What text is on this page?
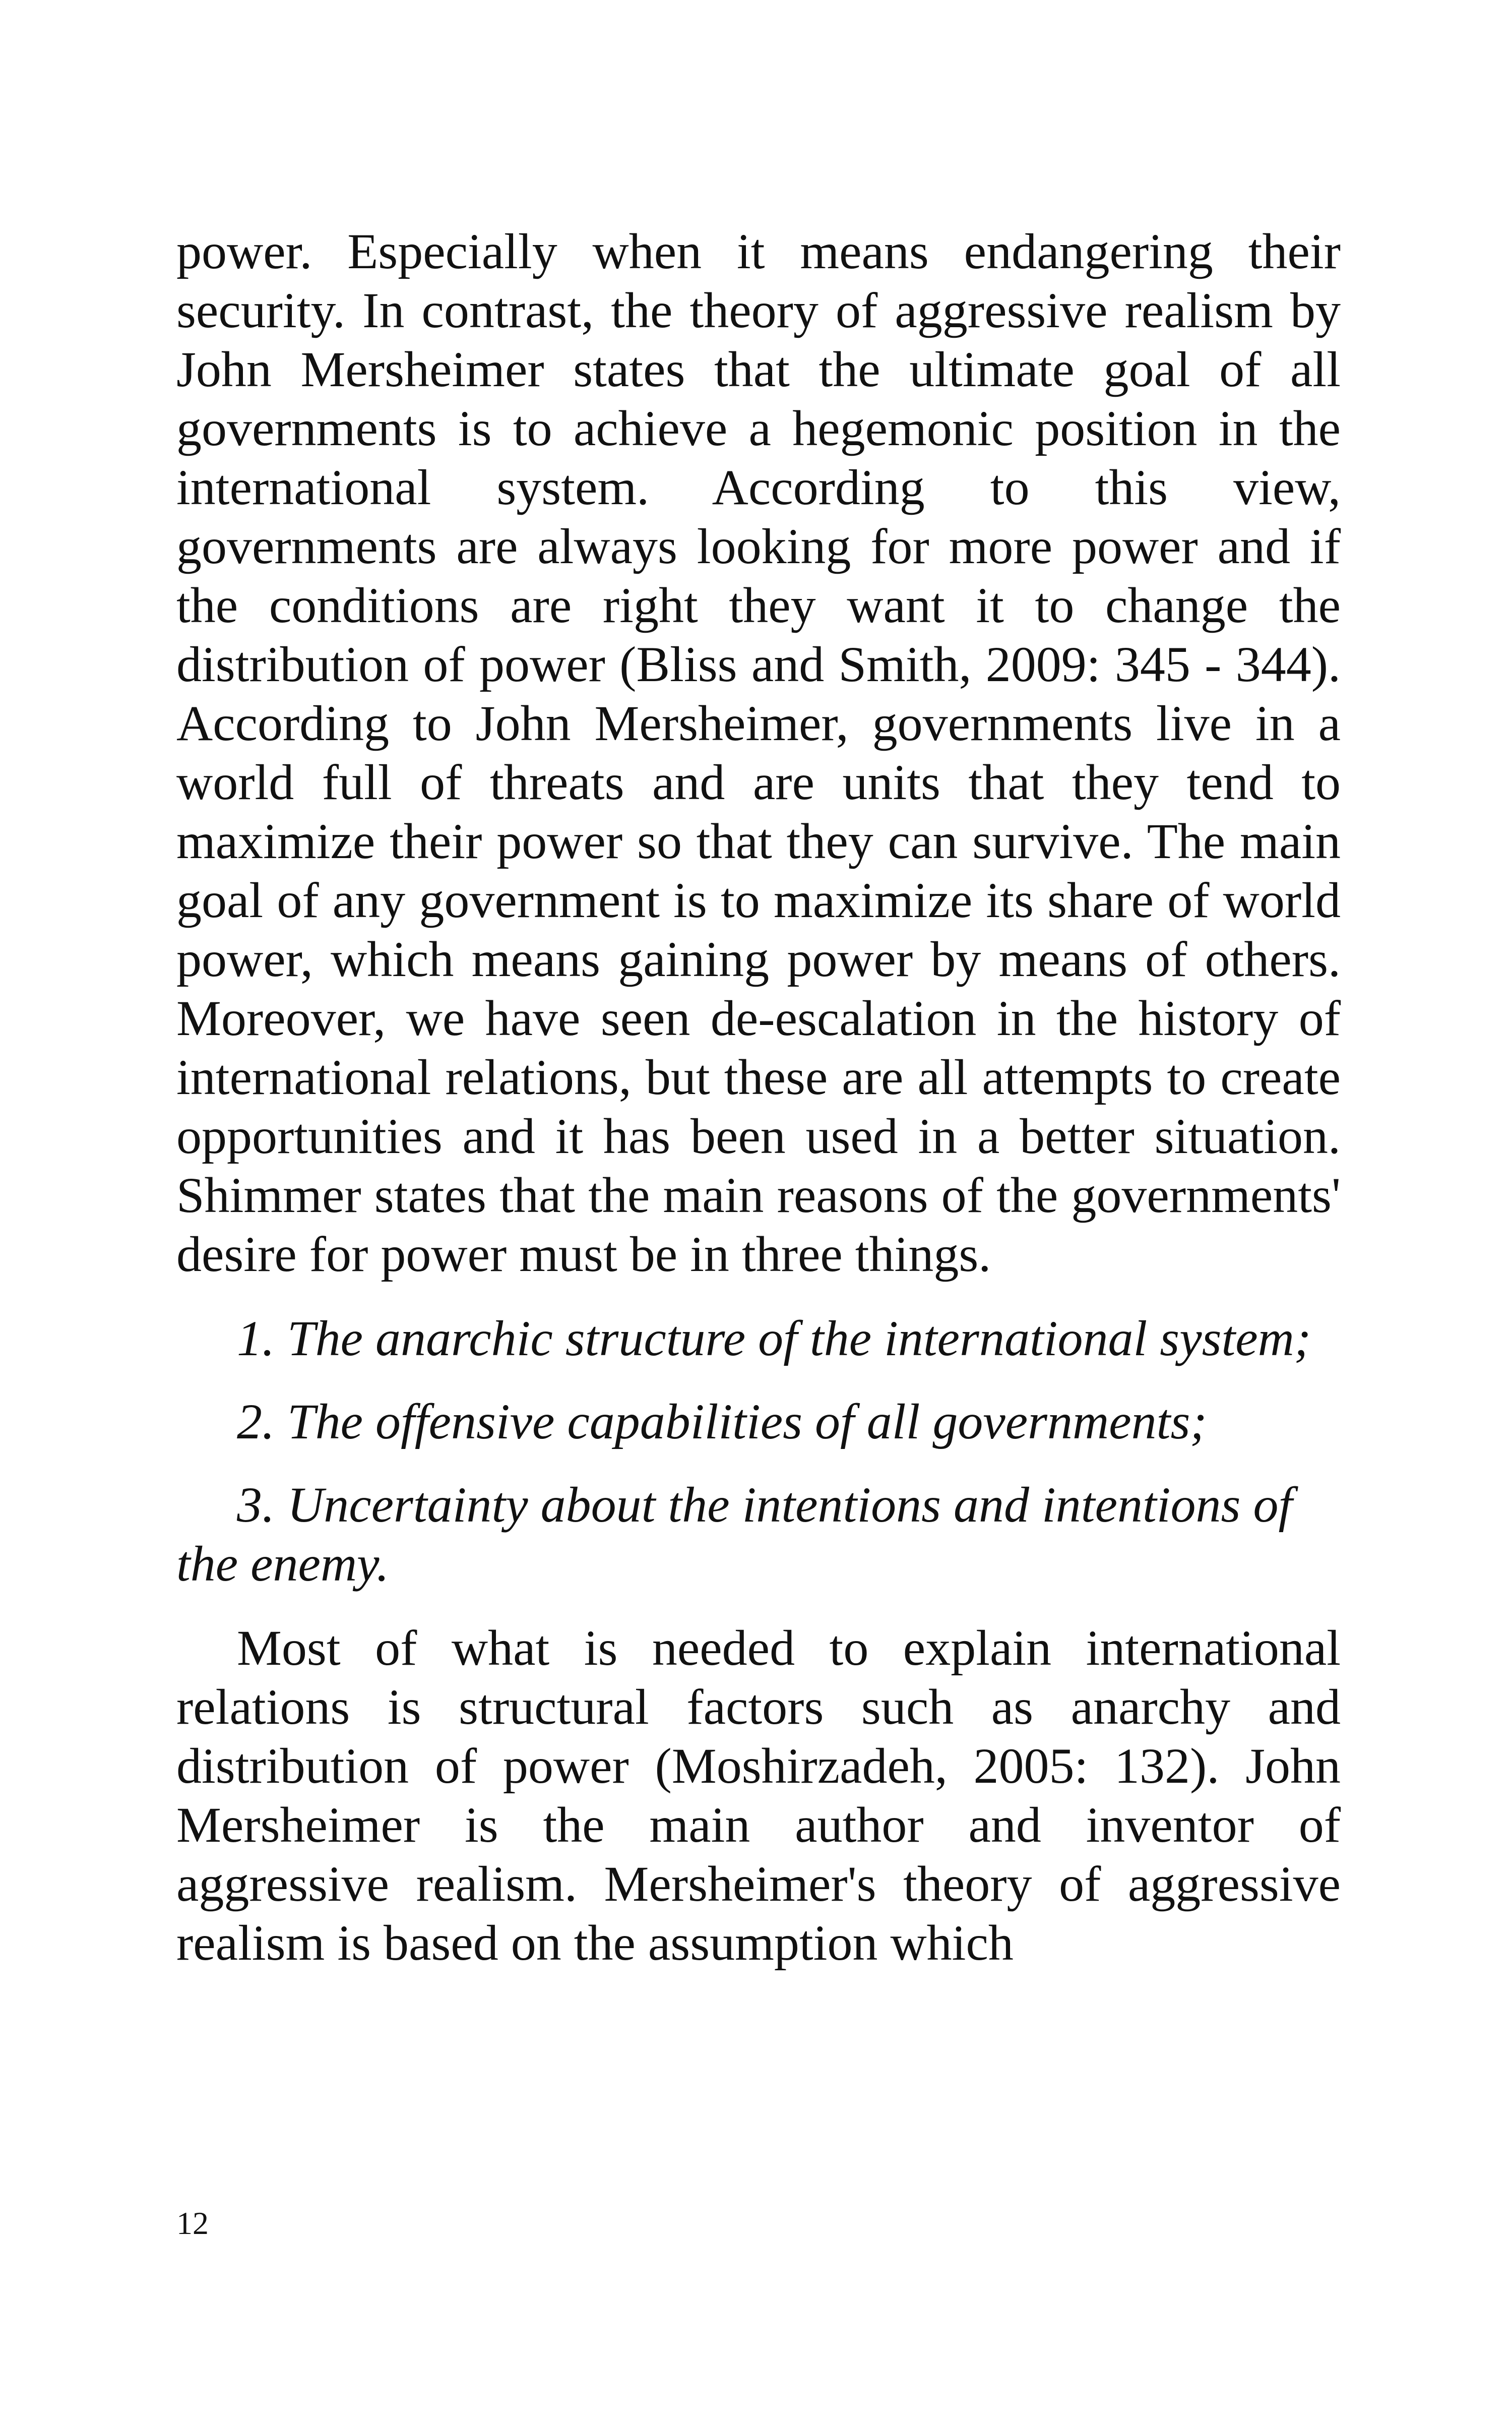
power. Especially when it means endangering their security. In contrast, the theory of aggressive realism by John Mersheimer states that the ultimate goal of all governments is to achieve a hegemonic position in the international system. According to this view, governments are always looking for more power and if the conditions are right they want it to change the distribution of power (Bliss and Smith, 2009: 345 - 344). According to John Mersheimer, governments live in a world full of threats and are units that they tend to maximize their power so that they can survive. The main goal of any government is to maximize its share of world power, which means gaining power by means of others. Moreover, we have seen de-escalation in the history of international relations, but these are all attempts to create opportunities and it has been used in a better situation. Shimmer states that the main reasons of the governments' desire for power must be in three things.

1. The anarchic structure of the international system;

2. The offensive capabilities of all governments;

3. Uncertainty about the intentions and intentions of the enemy.

Most of what is needed to explain international relations is structural factors such as anarchy and distribution of power (Moshirzadeh, 2005: 132). John Mersheimer is the main author and inventor of aggressive realism. Mersheimer's theory of aggressive realism is based on the assumption which

12
